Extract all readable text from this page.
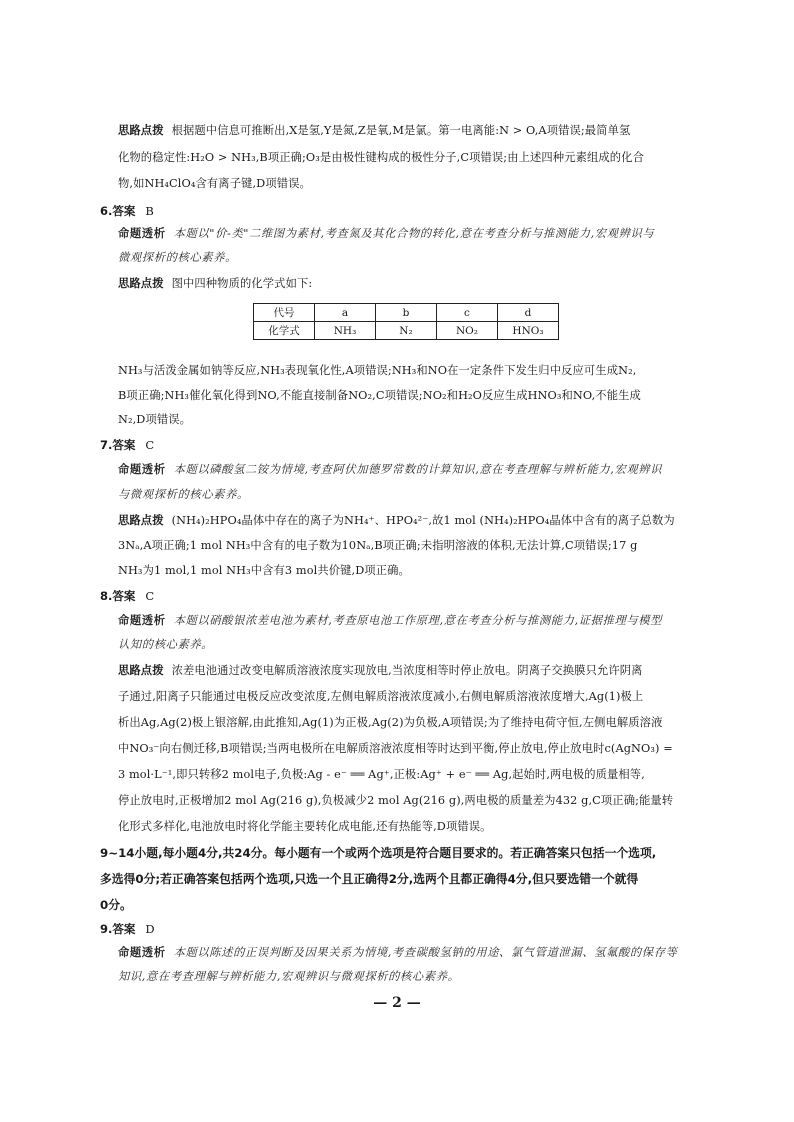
思路点拨 根据题中信息可推断出,X是氢,Y是氮,Z是氧,M是氯。第一电离能:N > O,A项错误;最简单氢
化物的稳定性:H₂O > NH₃,B项正确;O₃是由极性键构成的极性分子,C项错误;由上述四种元素组成的化合
物,如NH₄ClO₄含有离子键,D项错误。
6.答案 B
命题透析 本题以"价-类"二维图为素材,考查氮及其化合物的转化,意在考查分析与推测能力,宏观辨识与
微观探析的核心素养。
思路点拨 图中四种物质的化学式如下:
代号	a	b	c	d
化学式	NH₃	N₂	NO₂	HNO₃
NH₃与活泼金属如钠等反应,NH₃表现氧化性,A项错误;NH₃和NO在一定条件下发生归中反应可生成N₂,
B项正确;NH₃催化氧化得到NO,不能直接制备NO₂,C项错误;NO₂和H₂O反应生成HNO₃和NO,不能生成
N₂,D项错误。
7.答案 C
命题透析 本题以磷酸氢二铵为情境,考查阿伏加德罗常数的计算知识,意在考查理解与辨析能力,宏观辨识
与微观探析的核心素养。
思路点拨 (NH₄)₂HPO₄晶体中存在的离子为NH₄⁺、HPO₄²⁻,故1 mol (NH₄)₂HPO₄晶体中含有的离子总数为
3Nₐ,A项正确;1 mol NH₃中含有的电子数为10Nₐ,B项正确;未指明溶液的体积,无法计算,C项错误;17 g
NH₃为1 mol,1 mol NH₃中含有3 mol共价键,D项正确。
8.答案 C
命题透析 本题以硝酸银浓差电池为素材,考查原电池工作原理,意在考查分析与推测能力,证据推理与模型
认知的核心素养。
思路点拨 浓差电池通过改变电解质溶液浓度实现放电,当浓度相等时停止放电。阴离子交换膜只允许阴离
子通过,阳离子只能通过电极反应改变浓度,左侧电解质溶液浓度减小,右侧电解质溶液浓度增大,Ag(1)极上
析出Ag,Ag(2)极上银溶解,由此推知,Ag(1)为正极,Ag(2)为负极,A项错误;为了维持电荷守恒,左侧电解质溶液
中NO₃⁻向右侧迁移,B项错误;当两电极所在电解质溶液浓度相等时达到平衡,停止放电,停止放电时c(AgNO₃) =
3 mol·L⁻¹,即只转移2 mol电子,负极:Ag - e⁻ ══ Ag⁺,正极:Ag⁺ + e⁻ ══ Ag,起始时,两电极的质量相等,
停止放电时,正极增加2 mol Ag(216 g),负极减少2 mol Ag(216 g),两电极的质量差为432 g,C项正确;能量转
化形式多样化,电池放电时将化学能主要转化成电能,还有热能等,D项错误。
9~14小题,每小题4分,共24分。每小题有一个或两个选项是符合题目要求的。若正确答案只包括一个选项,
多选得0分;若正确答案包括两个选项,只选一个且正确得2分,选两个且都正确得4分,但只要选错一个就得
0分。
9.答案 D
命题透析 本题以陈述的正误判断及因果关系为情境,考查碳酸氢钠的用途、氯气管道泄漏、氢氟酸的保存等
知识,意在考查理解与辨析能力,宏观辨识与微观探析的核心素养。
— 2 —
